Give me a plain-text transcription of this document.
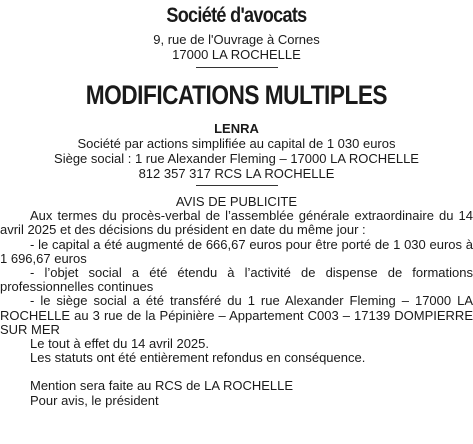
Société d'avocats
9, rue de l'Ouvrage à Cornes
17000 LA ROCHELLE
MODIFICATIONS MULTIPLES
LENRA
Société par actions simplifiée au capital de 1 030 euros
Siège social : 1 rue Alexander Fleming – 17000 LA ROCHELLE
812 357 317 RCS LA ROCHELLE

AVIS DE PUBLICITE

Aux termes du procès-verbal de l’assemblée générale extraordinaire du 14 avril 2025 et des décisions du président en date du même jour :

- le capital a été augmenté de 666,67 euros pour être porté de 1 030 euros à 1 696,67 euros

- l’objet social a été étendu à l’activité de dispense de formations professionnelles continues

- le siège social a été transféré du 1 rue Alexander Fleming – 17000 LA ROCHELLE au 3 rue de la Pépinière – Appartement C003 – 17139 DOMPIERRE SUR MER

Le tout à effet du 14 avril 2025.

Les statuts ont été entièrement refondus en conséquence.

Mention sera faite au RCS de LA ROCHELLE

Pour avis, le président
